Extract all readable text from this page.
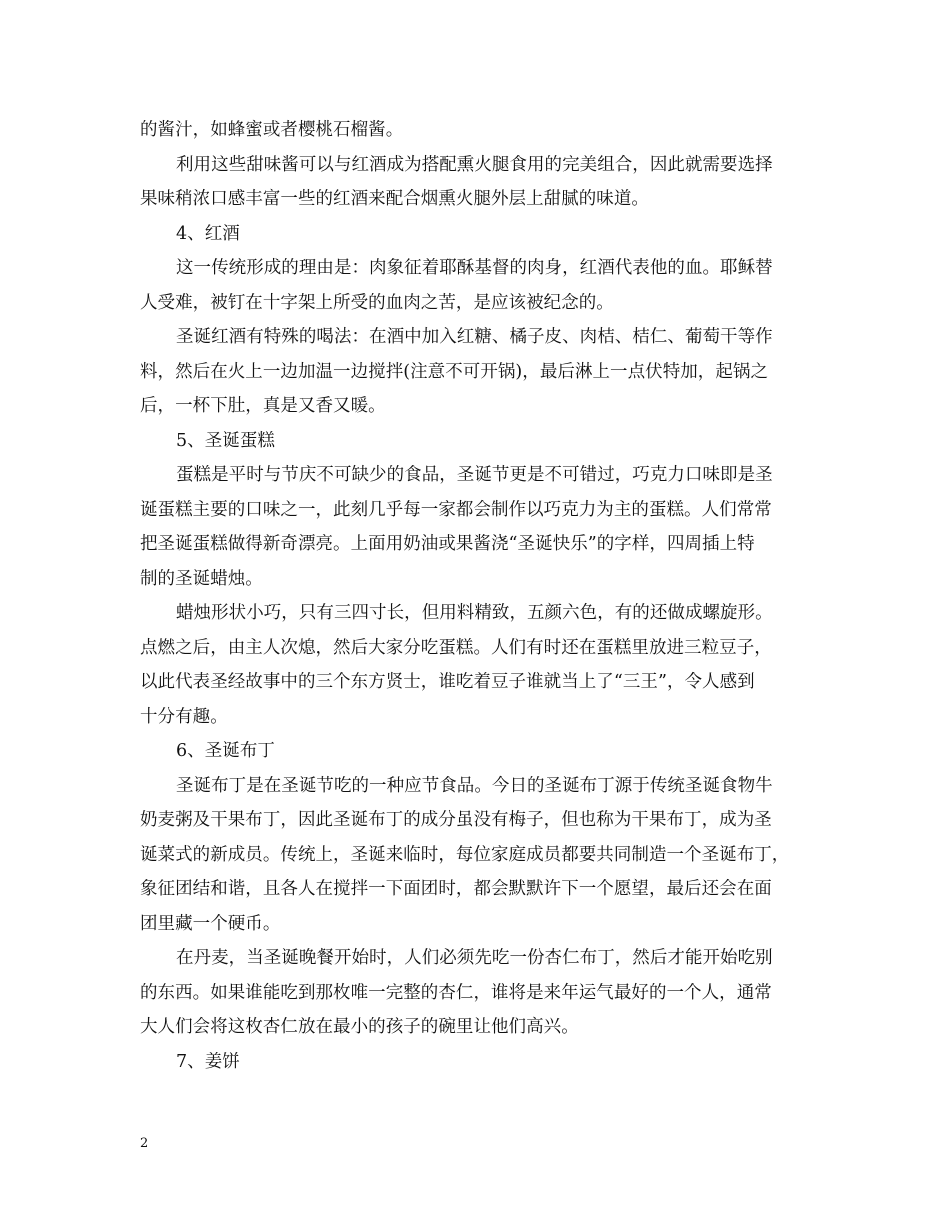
的酱汁，如蜂蜜或者樱桃石榴酱。
利用这些甜味酱可以与红酒成为搭配熏火腿食用的完美组合，因此就需要选择
果味稍浓口感丰富一些的红酒来配合烟熏火腿外层上甜腻的味道。
4、红酒
这一传统形成的理由是：肉象征着耶酥基督的肉身，红酒代表他的血。耶稣替
人受难，被钉在十字架上所受的血肉之苦，是应该被纪念的。
圣诞红酒有特殊的喝法：在酒中加入红糖、橘子皮、肉桔、桔仁、葡萄干等作
料，然后在火上一边加温一边搅拌(注意不可开锅)，最后淋上一点伏特加，起锅之
后，一杯下肚，真是又香又暖。
5、圣诞蛋糕
蛋糕是平时与节庆不可缺少的食品，圣诞节更是不可错过，巧克力口味即是圣
诞蛋糕主要的口味之一，此刻几乎每一家都会制作以巧克力为主的蛋糕。人们常常
把圣诞蛋糕做得新奇漂亮。上面用奶油或果酱浇“圣诞快乐”的字样，四周插上特
制的圣诞蜡烛。
蜡烛形状小巧，只有三四寸长，但用料精致，五颜六色，有的还做成螺旋形。
点燃之后，由主人次熄，然后大家分吃蛋糕。人们有时还在蛋糕里放进三粒豆子，
以此代表圣经故事中的三个东方贤士，谁吃着豆子谁就当上了“三王”，令人感到
十分有趣。
6、圣诞布丁
圣诞布丁是在圣诞节吃的一种应节食品。今日的圣诞布丁源于传统圣诞食物牛
奶麦粥及干果布丁，因此圣诞布丁的成分虽没有梅子，但也称为干果布丁，成为圣
诞菜式的新成员。传统上，圣诞来临时，每位家庭成员都要共同制造一个圣诞布丁，
象征团结和谐，且各人在搅拌一下面团时，都会默默许下一个愿望，最后还会在面
团里藏一个硬币。
在丹麦，当圣诞晚餐开始时，人们必须先吃一份杏仁布丁，然后才能开始吃别
的东西。如果谁能吃到那枚唯一完整的杏仁，谁将是来年运气最好的一个人，通常
大人们会将这枚杏仁放在最小的孩子的碗里让他们高兴。
7、姜饼
2
